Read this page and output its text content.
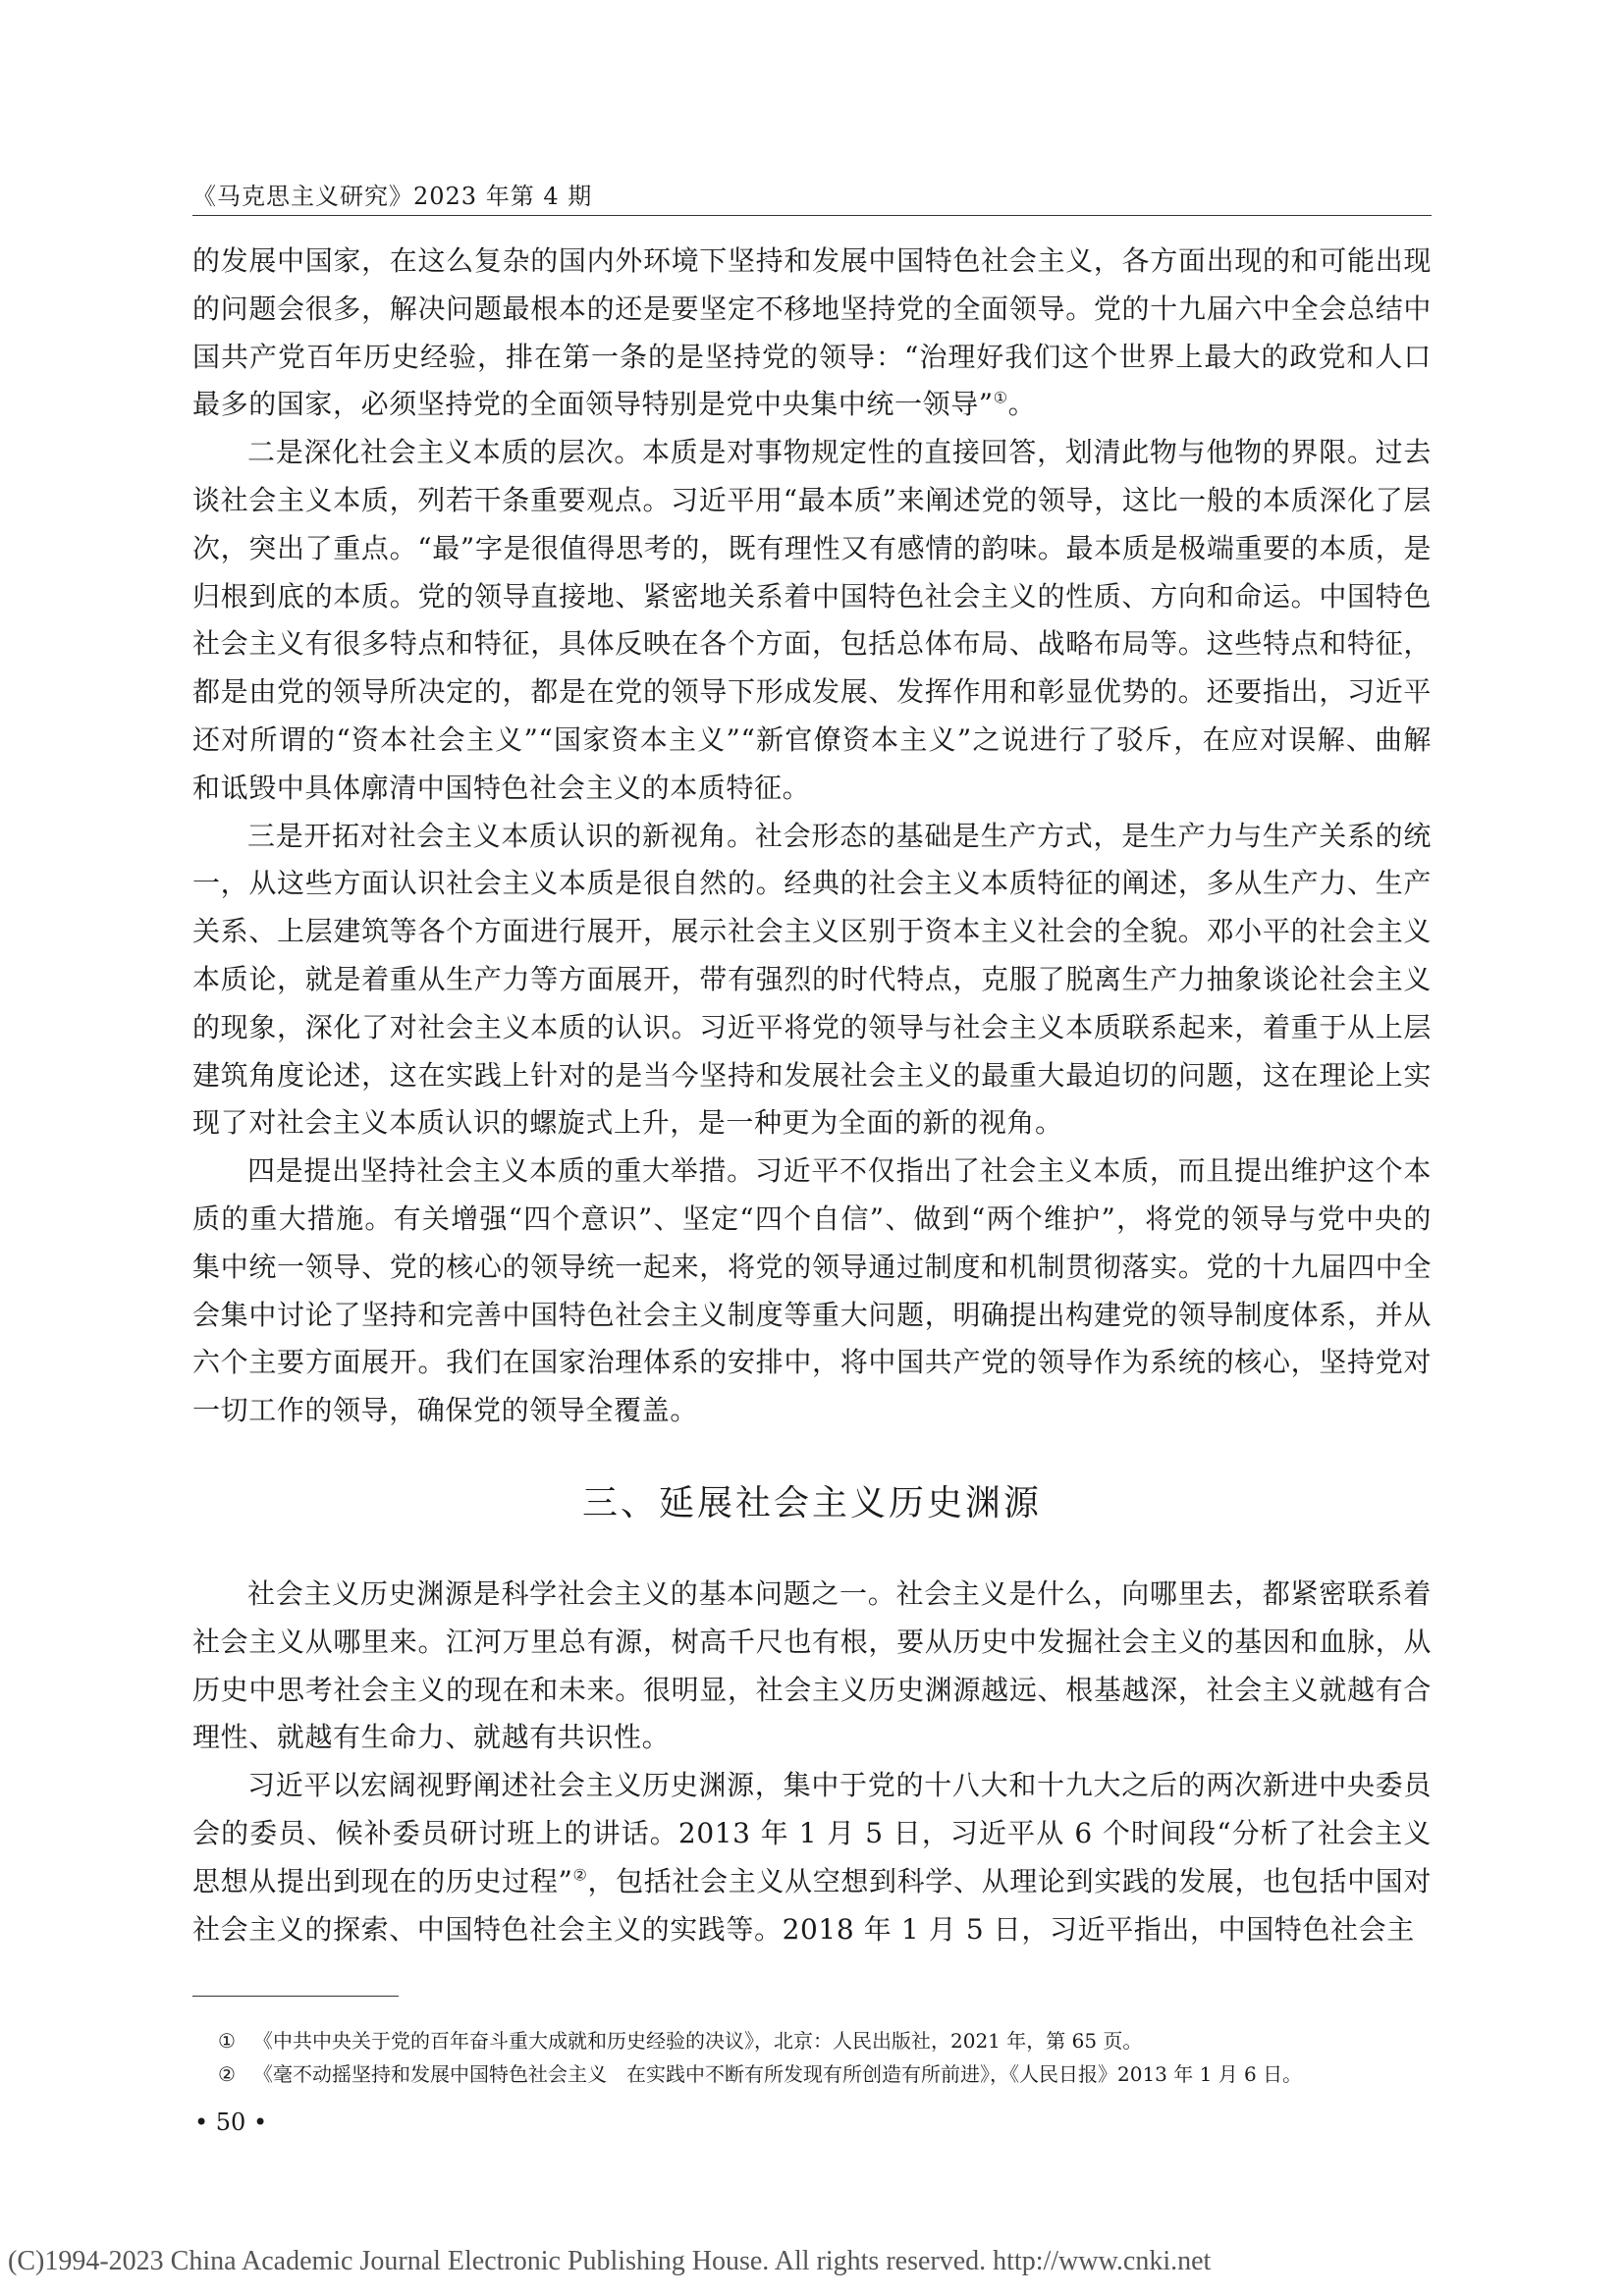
《马克思主义研究》2023 年第 4 期

的发展中国家，在这么复杂的国内外环境下坚持和发展中国特色社会主义，各方面出现的和可能出现的问题会很多，解决问题最根本的还是要坚定不移地坚持党的全面领导。党的十九届六中全会总结中国共产党百年历史经验，排在第一条的是坚持党的领导：“治理好我们这个世界上最大的政党和人口最多的国家，必须坚持党的全面领导特别是党中央集中统一领导”①。

二是深化社会主义本质的层次。本质是对事物规定性的直接回答，划清此物与他物的界限。过去谈社会主义本质，列若干条重要观点。习近平用“最本质”来阐述党的领导，这比一般的本质深化了层次，突出了重点。“最”字是很值得思考的，既有理性又有感情的韵味。最本质是极端重要的本质，是归根到底的本质。党的领导直接地、紧密地关系着中国特色社会主义的性质、方向和命运。中国特色社会主义有很多特点和特征，具体反映在各个方面，包括总体布局、战略布局等。这些特点和特征，都是由党的领导所决定的，都是在党的领导下形成发展、发挥作用和彰显优势的。还要指出，习近平还对所谓的“资本社会主义”“国家资本主义”“新官僚资本主义”之说进行了驳斥，在应对误解、曲解和诋毁中具体廓清中国特色社会主义的本质特征。

三是开拓对社会主义本质认识的新视角。社会形态的基础是生产方式，是生产力与生产关系的统一，从这些方面认识社会主义本质是很自然的。经典的社会主义本质特征的阐述，多从生产力、生产关系、上层建筑等各个方面进行展开，展示社会主义区别于资本主义社会的全貌。邓小平的社会主义本质论，就是着重从生产力等方面展开，带有强烈的时代特点，克服了脱离生产力抽象谈论社会主义的现象，深化了对社会主义本质的认识。习近平将党的领导与社会主义本质联系起来，着重于从上层建筑角度论述，这在实践上针对的是当今坚持和发展社会主义的最重大最迫切的问题，这在理论上实现了对社会主义本质认识的螺旋式上升，是一种更为全面的新的视角。

四是提出坚持社会主义本质的重大举措。习近平不仅指出了社会主义本质，而且提出维护这个本质的重大措施。有关增强“四个意识”、坚定“四个自信”、做到“两个维护”，将党的领导与党中央的集中统一领导、党的核心的领导统一起来，将党的领导通过制度和机制贯彻落实。党的十九届四中全会集中讨论了坚持和完善中国特色社会主义制度等重大问题，明确提出构建党的领导制度体系，并从六个主要方面展开。我们在国家治理体系的安排中，将中国共产党的领导作为系统的核心，坚持党对一切工作的领导，确保党的领导全覆盖。

三、延展社会主义历史渊源

社会主义历史渊源是科学社会主义的基本问题之一。社会主义是什么，向哪里去，都紧密联系着社会主义从哪里来。江河万里总有源，树高千尺也有根，要从历史中发掘社会主义的基因和血脉，从历史中思考社会主义的现在和未来。很明显，社会主义历史渊源越远、根基越深，社会主义就越有合理性、就越有生命力、就越有共识性。

习近平以宏阔视野阐述社会主义历史渊源，集中于党的十八大和十九大之后的两次新进中央委员会的委员、候补委员研讨班上的讲话。2013 年 1 月 5 日，习近平从 6 个时间段“分析了社会主义思想从提出到现在的历史过程”②，包括社会主义从空想到科学、从理论到实践的发展，也包括中国对社会主义的探索、中国特色社会主义的实践等。2018 年 1 月 5 日，习近平指出，中国特色社会主

① 《中共中央关于党的百年奋斗重大成就和历史经验的决议》，北京：人民出版社，2021 年，第 65 页。

② 《毫不动摇坚持和发展中国特色社会主义　在实践中不断有所发现有所创造有所前进》，《人民日报》2013 年 1 月 6 日。

• 50 •
(C)1994-2023 China Academic Journal Electronic Publishing House. All rights reserved. http://www.cnki.net
